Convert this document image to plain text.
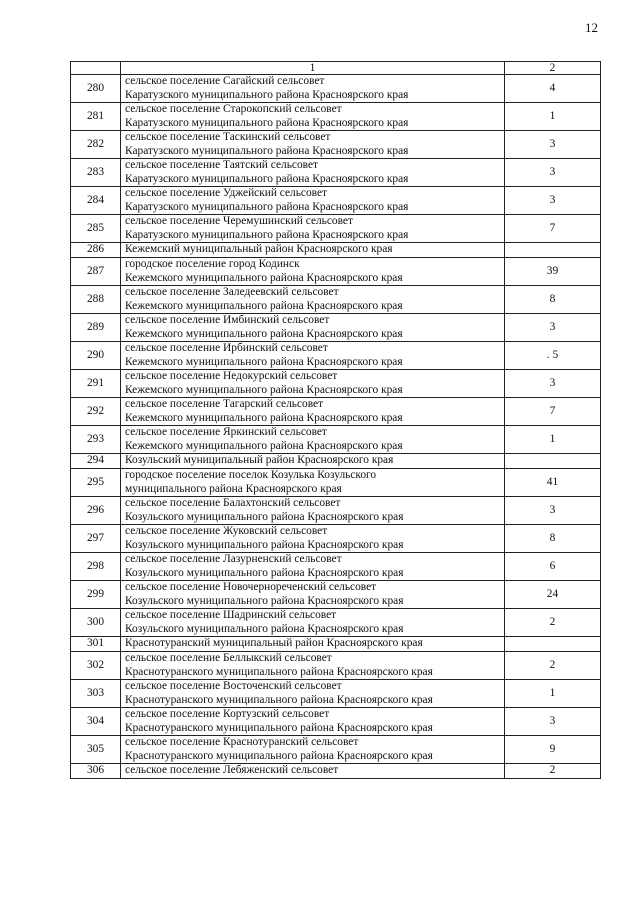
12
	1	2
280	сельское поселение Сагайский сельсовет
Каратузского муниципального района Красноярского края	4
281	сельское поселение Старокопский сельсовет
Каратузского муниципального района Красноярского края	1
282	сельское поселение Таскинский сельсовет
Каратузского муниципального района Красноярского края	3
283	сельское поселение Таятский сельсовет
Каратузского муниципального района Красноярского края	3
284	сельское поселение Уджейский сельсовет
Каратузского муниципального района Красноярского края	3
285	сельское поселение Черемушинский сельсовет
Каратузского муниципального района Красноярского края	7
286	Кежемский муниципальный район Красноярского края	

287	городское поселение город Кодинск
Кежемского муниципального района Красноярского края	39
288	сельское поселение Заледеевский сельсовет
Кежемского муниципального района Красноярского края	8
289	сельское поселение Имбинский сельсовет
Кежемского муниципального района Красноярского края	3
290	сельское поселение Ирбинский сельсовет
Кежемского муниципального района Красноярского края	. 5
291	сельское поселение Недокурский сельсовет
Кежемского муниципального района Красноярского края	3
292	сельское поселение Тагарский сельсовет
Кежемского муниципального района Красноярского края	7
293	сельское поселение Яркинский сельсовет
Кежемского муниципального района Красноярского края	1
294	Козульский муниципальный район Красноярского края	

295	городское поселение поселок Козулька Козульского
муниципального района Красноярского края	41
296	сельское поселение Балахтонский сельсовет
Козульского муниципального района Красноярского края	3
297	сельское поселение Жуковский сельсовет
Козульского муниципального района Красноярского края	8
298	сельское поселение Лазурненский сельсовет
Козульского муниципального района Красноярского края	6
299	сельское поселение Новочернореченский сельсовет
Козульского муниципального района Красноярского края	24
300	сельское поселение Шадринский сельсовет
Козульского муниципального района Красноярского края	2
301	Краснотуранский муниципальный район Красноярского края	

302	сельское поселение Беллыкский сельсовет
Краснотуранского муниципального района Красноярского края	2
303	сельское поселение Восточенский сельсовет
Краснотуранского муниципального района Красноярского края	1
304	сельское поселение Кортузский сельсовет
Краснотуранского муниципального района Красноярского края	3
305	сельское поселение Краснотуранский сельсовет
Краснотуранского муниципального района Красноярского края	9
306	сельское поселение Лебяженский сельсовет	2
